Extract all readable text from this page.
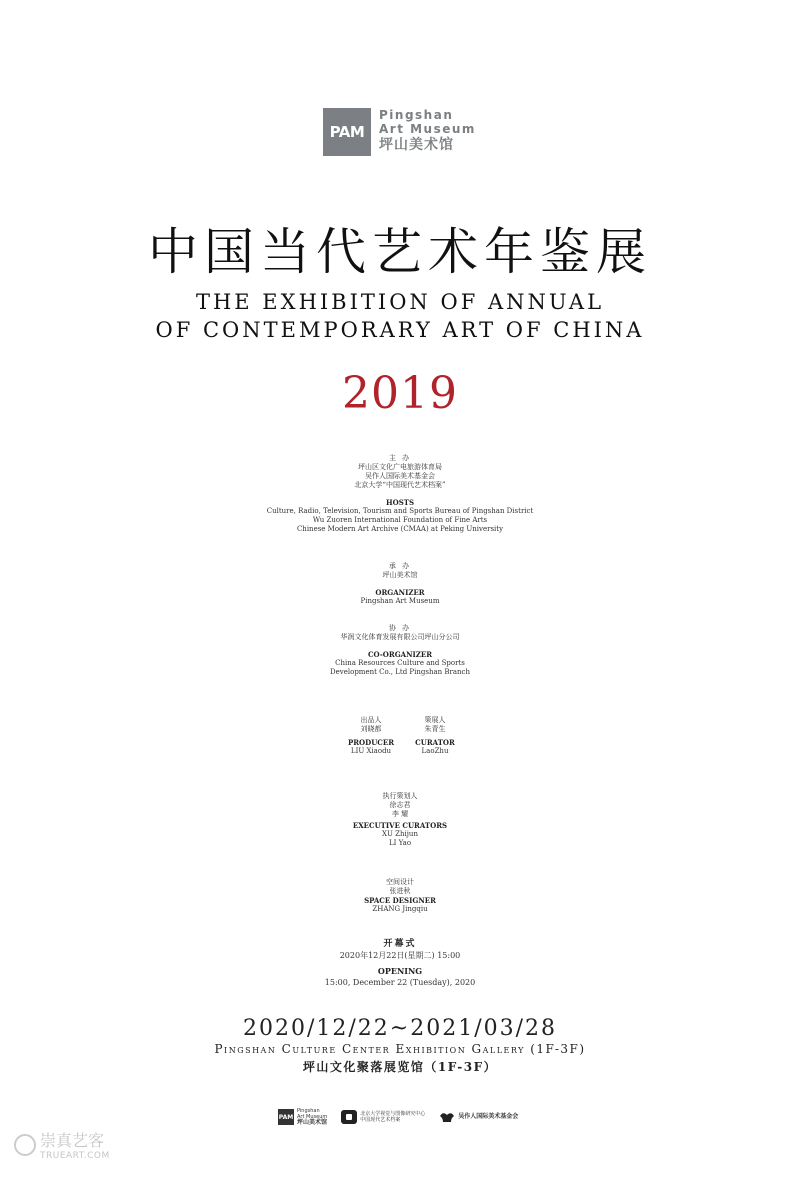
PAM
Pingshan
Art Museum
坪山美术馆
中国当代艺术年鉴展
THE EXHIBITION OF ANNUAL
OF CONTEMPORARY ART OF CHINA
2019
主 办
坪山区文化广电旅游体育局
吴作人国际美术基金会
北京大学“中国现代艺术档案”
HOSTS
Culture, Radio, Television, Tourism and Sports Bureau of Pingshan District
Wu Zuoren International Foundation of Fine Arts
Chinese Modern Art Archive (CMAA) at Peking University
承 办
坪山美术馆
ORGANIZER
Pingshan Art Museum
协 办
华润文化体育发展有限公司坪山分公司
CO-ORGANIZER
China Resources Culture and Sports
Development Co., Ltd Pingshan Branch
出品人
刘晓都
PRODUCER
LIU Xiaodu
策展人
朱青生
CURATOR
LaoZhu
执行策划人
徐志君
李 耀
EXECUTIVE CURATORS
XU Zhijun
LI Yao
空间设计
张进秋
SPACE DESIGNER
ZHANG Jingqiu
开幕式
2020年12月22日(星期二) 15:00
OPENING
15:00, December 22 (Tuesday), 2020
2020/12/22~2021/03/28
Pingshan Culture Center Exhibition Gallery (1F-3F)
坪山文化聚落展览馆（1F-3F）
PAM
Pingshan
Art Museum
坪山美术馆
北京大学视觉与图像研究中心
中国现代艺术档案	吴作人国际美术基金会
崇真艺客
TRUEART.COM
